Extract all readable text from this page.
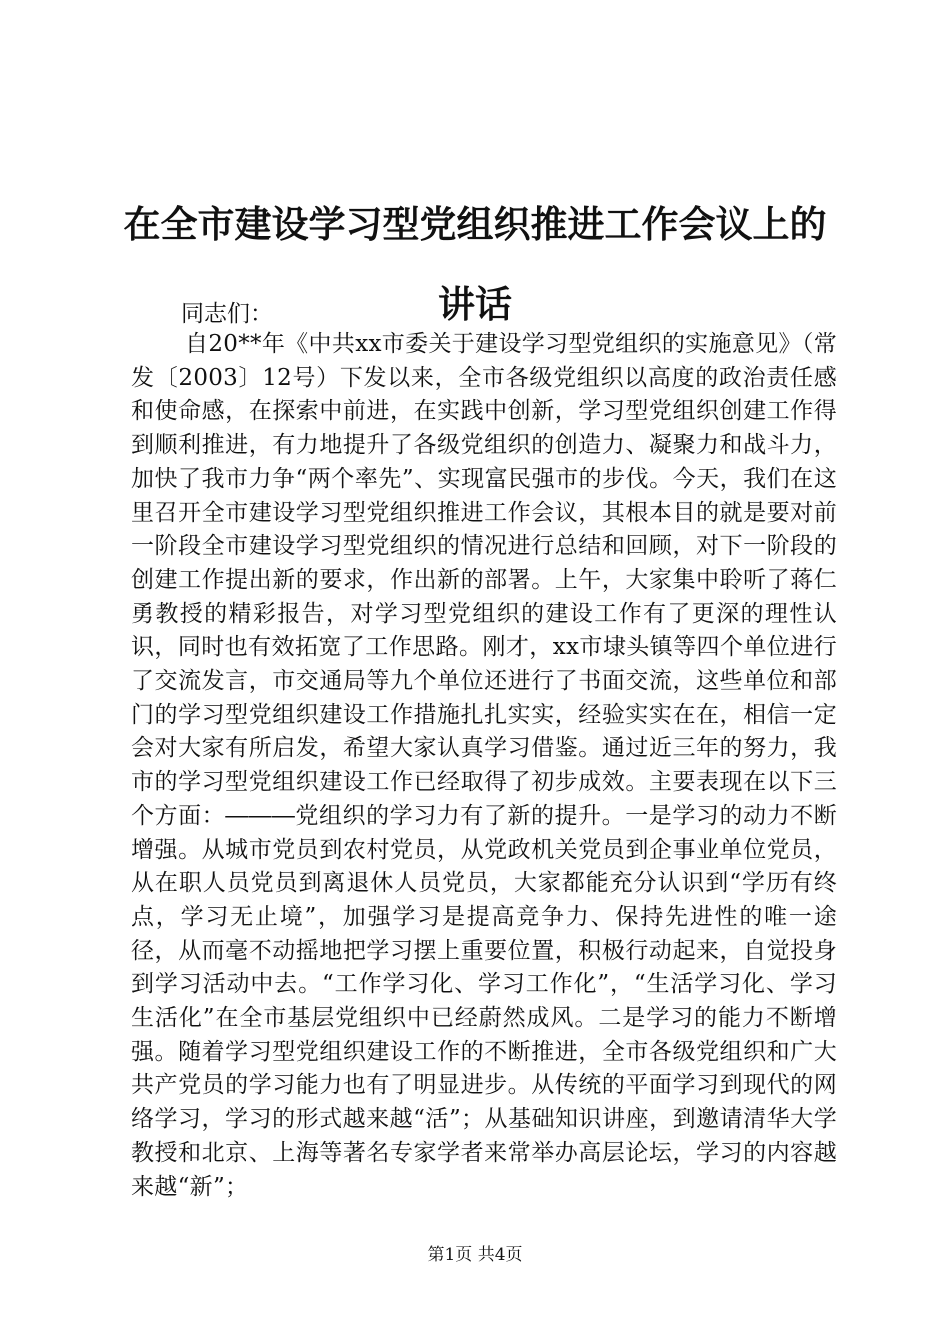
在全市建设学习型党组织推进工作会议上的讲话
同志们：

自20**年《中共xx市委关于建设学习型党组织的实施意见》（常发〔2003〕12号）下发以来，全市各级党组织以高度的政治责任感和使命感，在探索中前进，在实践中创新，学习型党组织创建工作得到顺利推进，有力地提升了各级党组织的创造力、凝聚力和战斗力，加快了我市力争“两个率先”、实现富民强市的步伐。今天，我们在这里召开全市建设学习型党组织推进工作会议，其根本目的就是要对前一阶段全市建设学习型党组织的情况进行总结和回顾，对下一阶段的创建工作提出新的要求，作出新的部署。上午，大家集中聆听了蒋仁勇教授的精彩报告，对学习型党组织的建设工作有了更深的理性认识，同时也有效拓宽了工作思路。刚才，xx市埭头镇等四个单位进行了交流发言，市交通局等九个单位还进行了书面交流，这些单位和部门的学习型党组织建设工作措施扎扎实实，经验实实在在，相信一定会对大家有所启发，希望大家认真学习借鉴。通过近三年的努力，我市的学习型党组织建设工作已经取得了初步成效。主要表现在以下三个方面：―――党组织的学习力有了新的提升。一是学习的动力不断增强。从城市党员到农村党员，从党政机关党员到企事业单位党员，从在职人员党员到离退休人员党员，大家都能充分认识到“学历有终点，学习无止境”，加强学习是提高竞争力、保持先进性的唯一途径，从而毫不动摇地把学习摆上重要位置，积极行动起来，自觉投身到学习活动中去。“工作学习化、学习工作化”，“生活学习化、学习生活化”在全市基层党组织中已经蔚然成风。二是学习的能力不断增强。随着学习型党组织建设工作的不断推进，全市各级党组织和广大共产党员的学习能力也有了明显进步。从传统的平面学习到现代的网络学习，学习的形式越来越“活”；从基础知识讲座，到邀请清华大学教授和北京、上海等著名专家学者来常举办高层论坛，学习的内容越来越“新”；

第1页 共4页
